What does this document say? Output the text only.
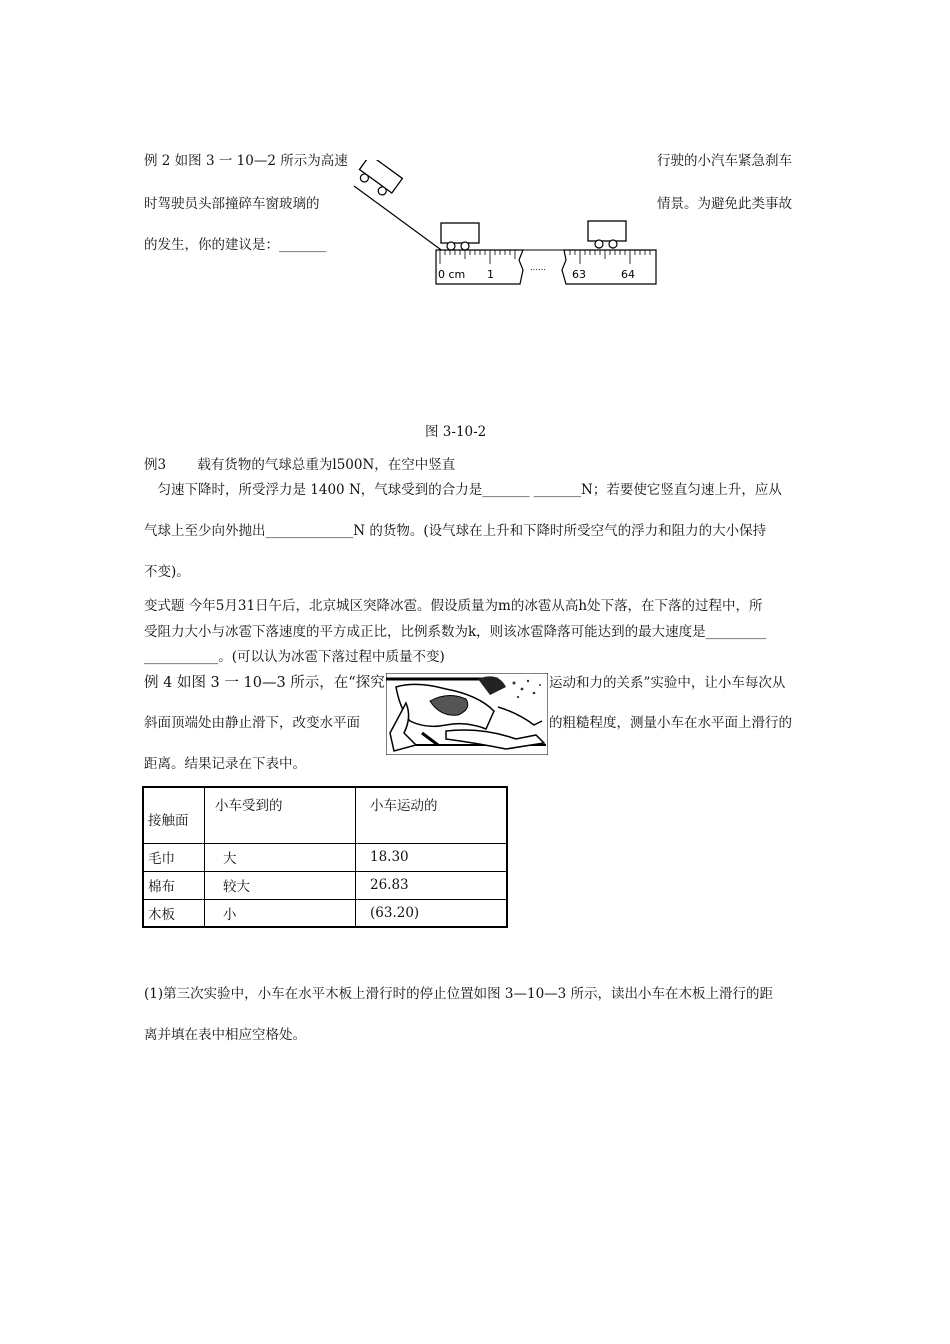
例 2 如图 3 一 10—2 所示为高速	行驶的小汽车紧急刹车
时驾驶员头部撞碎车窗玻璃的	情景。为避免此类事故
的发生，你的建议是：_______
0 cm 1
……
63	64
图 3-10-2
例3　　 载有货物的气球总重为l500N，在空中竖直
　匀速下降时，所受浮力是 1400 N，气球受到的合力是_______ _______N；若要使它竖直匀速上升，应从
气球上至少向外抛出_____________N 的货物。(设气球在上升和下降时所受空气的浮力和阻力的大小保持
不变)。
变式题 今年5月31日午后，北京城区突降冰雹。假设质量为m的冰雹从高h处下落，在下落的过程中，所
受阻力大小与冰雹下落速度的平方成正比，比例系数为k，则该冰雹降落可能达到的最大速度是_________
___________。(可以认为冰雹下落过程中质量不变)
例 4 如图 3 一 10—3 所示，在“探究	运动和力的关系”实验中，让小车每次从
斜面顶端处由静止滑下，改变水平面	的粗糙程度，测量小车在水平面上滑行的
距离。结果记录在下表中。
接触面	小车受到的	小车运动的
毛巾	大	18.30
棉布	较大	26.83
木板	小	(63.20)
(1)第三次实验中，小车在水平木板上滑行时的停止位置如图 3—10—3 所示，读出小车在木板上滑行的距
离并填在表中相应空格处。
